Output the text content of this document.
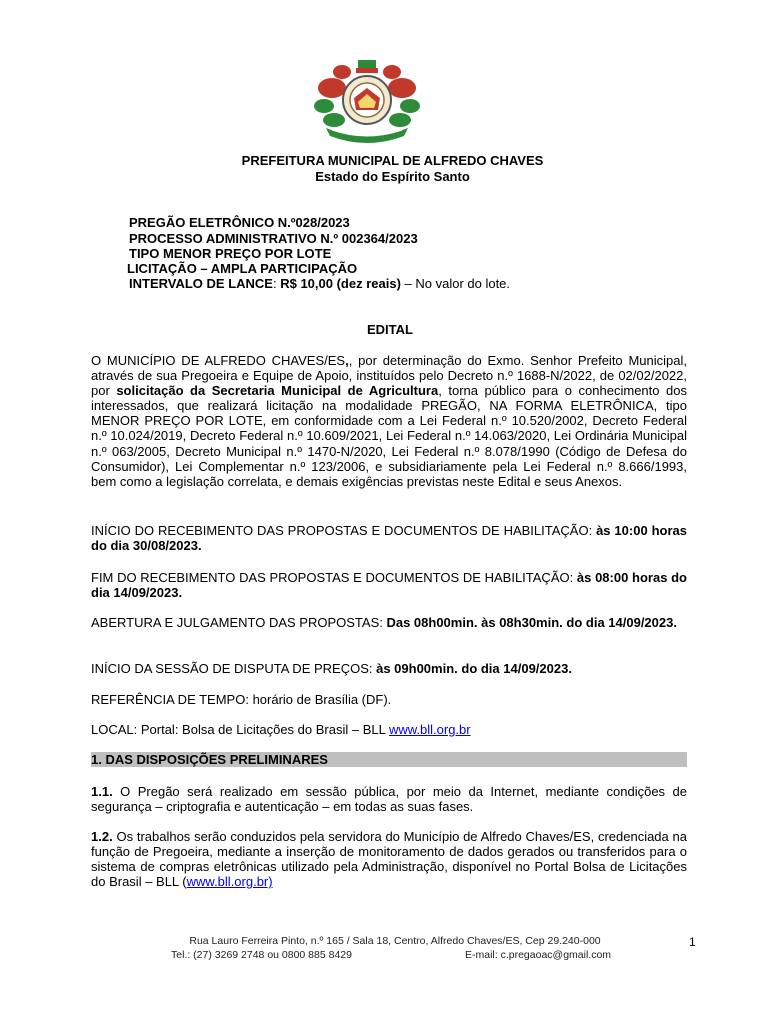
PREFEITURA MUNICIPAL DE ALFREDO CHAVES
Estado do Espírito Santo
PREGÃO ELETRÔNICO N.º028/2023
PROCESSO ADMINISTRATIVO N.º 002364/2023
TIPO MENOR PREÇO POR LOTE
LICITAÇÃO – AMPLA PARTICIPAÇÃO
INTERVALO DE LANCE: R$ 10,00 (dez reais) – No valor do lote.
EDITAL
O MUNICÍPIO DE ALFREDO CHAVES/ES,, por determinação do Exmo. Senhor Prefeito Municipal, através de sua Pregoeira e Equipe de Apoio, instituídos pelo Decreto n.º 1688-N/2022, de 02/02/2022, por solicitação da Secretaria Municipal de Agricultura, torna público para o conhecimento dos interessados, que realizará licitação na modalidade PREGÃO, NA FORMA ELETRÔNICA, tipo MENOR PREÇO POR LOTE, em conformidade com a Lei Federal n.º 10.520/2002, Decreto Federal n.º 10.024/2019, Decreto Federal n.º 10.609/2021, Lei Federal n.º 14.063/2020, Lei Ordinária Municipal n.º 063/2005, Decreto Municipal n.º 1470-N/2020, Lei Federal n.º 8.078/1990 (Código de Defesa do Consumidor), Lei Complementar n.º 123/2006, e subsidiariamente pela Lei Federal n.º 8.666/1993, bem como a legislação correlata, e demais exigências previstas neste Edital e seus Anexos.
INÍCIO DO RECEBIMENTO DAS PROPOSTAS E DOCUMENTOS DE HABILITAÇÃO: às 10:00 horas do dia 30/08/2023.
FIM DO RECEBIMENTO DAS PROPOSTAS E DOCUMENTOS DE HABILITAÇÃO: às 08:00 horas do dia 14/09/2023.
ABERTURA E JULGAMENTO DAS PROPOSTAS: Das 08h00min. às 08h30min. do dia 14/09/2023.
INÍCIO DA SESSÃO DE DISPUTA DE PREÇOS: às 09h00min. do dia 14/09/2023.
REFERÊNCIA DE TEMPO: horário de Brasília (DF).
LOCAL: Portal: Bolsa de Licitações do Brasil – BLL www.bll.org.br
1. DAS DISPOSIÇÕES PRELIMINARES
1.1. O Pregão será realizado em sessão pública, por meio da Internet, mediante condições de segurança – criptografia e autenticação – em todas as suas fases.
1.2. Os trabalhos serão conduzidos pela servidora do Município de Alfredo Chaves/ES, credenciada na função de Pregoeira, mediante a inserção de monitoramento de dados gerados ou transferidos para o sistema de compras eletrônicas utilizado pela Administração, disponível no Portal Bolsa de Licitações do Brasil – BLL (www.bll.org.br)
Rua Lauro Ferreira Pinto, n.º 165 / Sala 18, Centro, Alfredo Chaves/ES, Cep 29.240-000
Tel.: (27) 3269 2748 ou 0800 885 8429	E-mail: c.pregaoac@gmail.com
1
